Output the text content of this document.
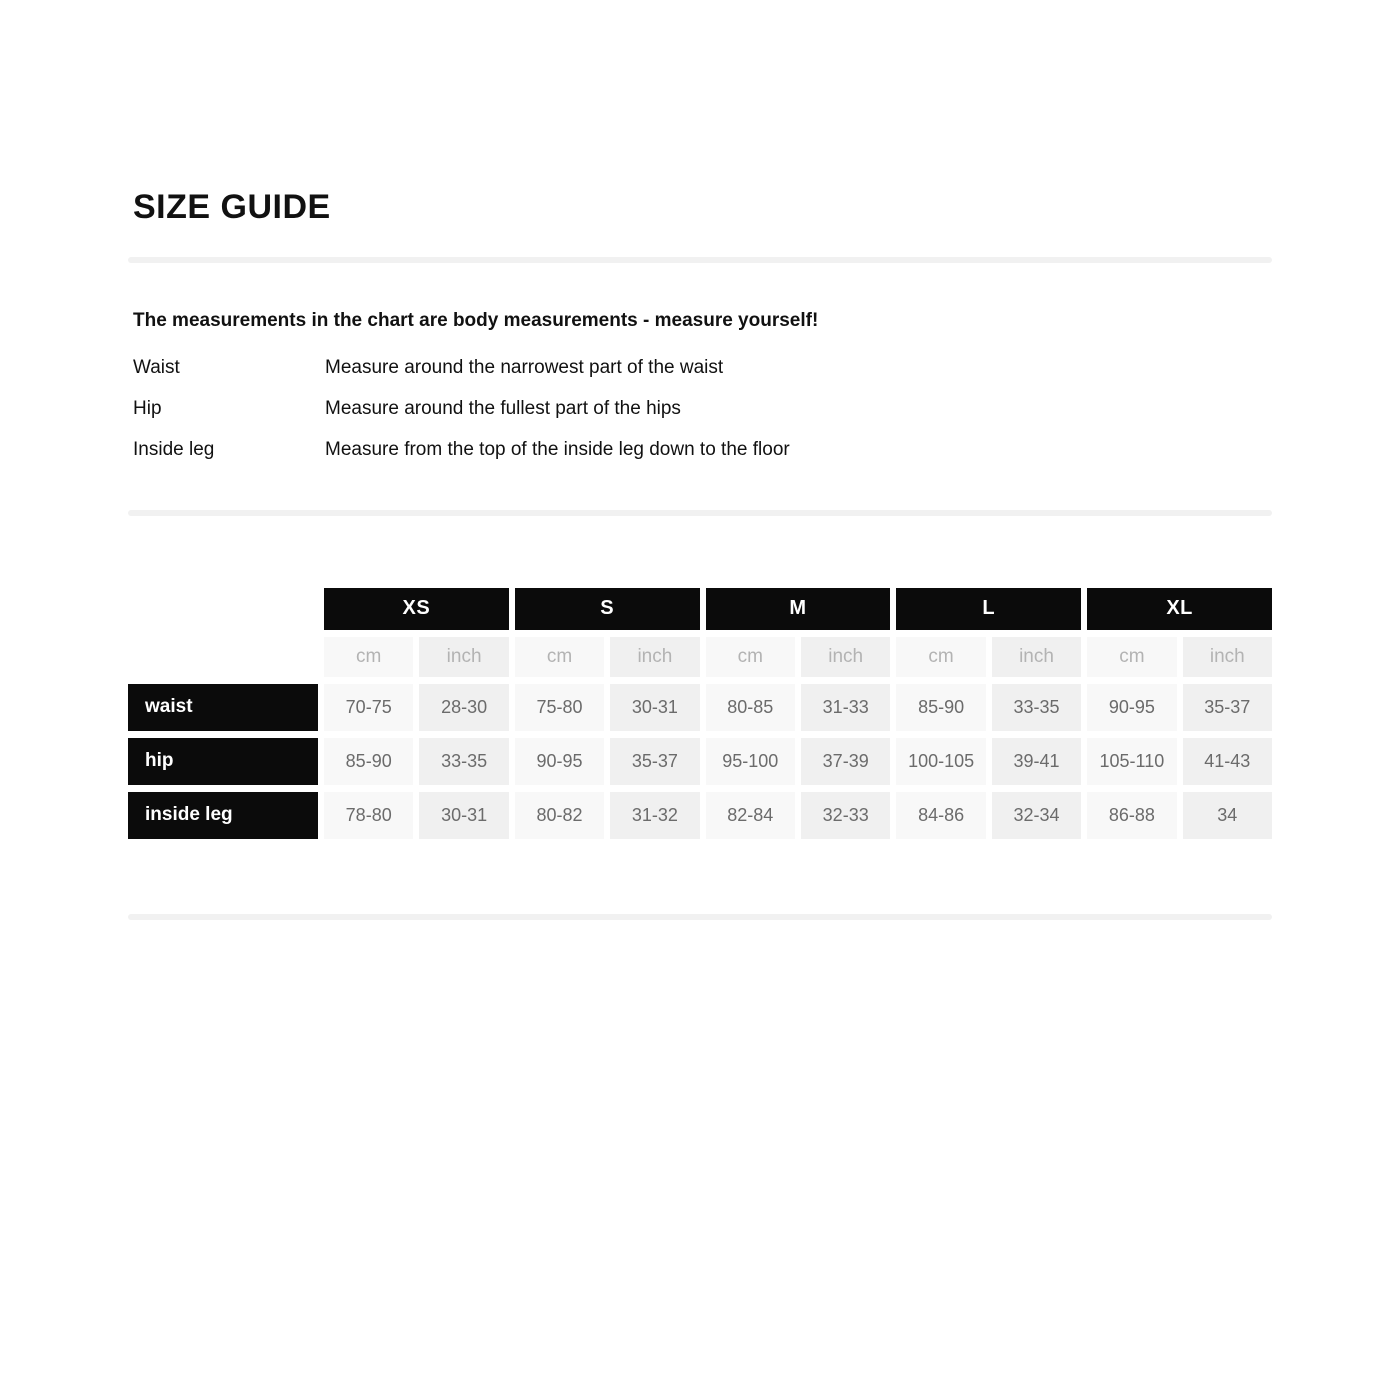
SIZE GUIDE

The measurements in the chart are body measurements - measure yourself!

Waist	Measure around the narrowest part of the waist
Hip	Measure around the fullest part of the hips
Inside leg	Measure from the top of the inside leg down to the floor
XS	S	M	L	XL
cm	inch	cm	inch	cm	inch	cm	inch	cm	inch
waist	70-75	28-30	75-80	30-31	80-85	31-33	85-90	33-35	90-95	35-37
hip	85-90	33-35	90-95	35-37	95-100	37-39	100-105	39-41	105-110	41-43
inside leg	78-80	30-31	80-82	31-32	82-84	32-33	84-86	32-34	86-88	34
